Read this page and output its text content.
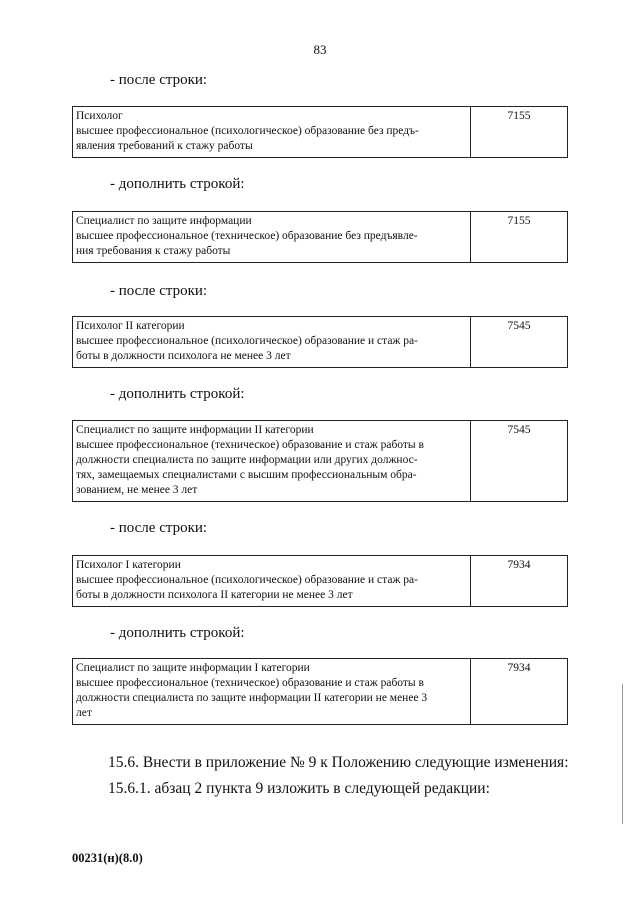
83
- после строки:
Психолог
высшее профессиональное (психологическое) образование без предъ-
явления требований к стажу работы
	7155
- дополнить строкой:
Специалист по защите информации
высшее профессиональное (техническое) образование без предъявле-
ния требования к стажу работы
	7155
- после строки:
Психолог II категории
высшее профессиональное (психологическое) образование и стаж ра-
боты в должности психолога не менее 3 лет
	7545
- дополнить строкой:
Специалист по защите информации II категории
высшее профессиональное (техническое) образование и стаж работы в
должности специалиста по защите информации или других должнос-
тях, замещаемых специалистами с высшим профессиональным обра-
зованием, не менее 3 лет
	7545
- после строки:
Психолог I категории
высшее профессиональное (психологическое) образование и стаж ра-
боты в должности психолога II категории не менее 3 лет
	7934
- дополнить строкой:
Специалист по защите информации I категории
высшее профессиональное (техническое) образование и стаж работы в
должности специалиста по защите информации II категории не менее 3
лет
	7934
15.6. Внести в приложение № 9 к Положению следующие изменения:
15.6.1. абзац 2 пункта 9 изложить в следующей редакции:
00231(н)(8.0)
